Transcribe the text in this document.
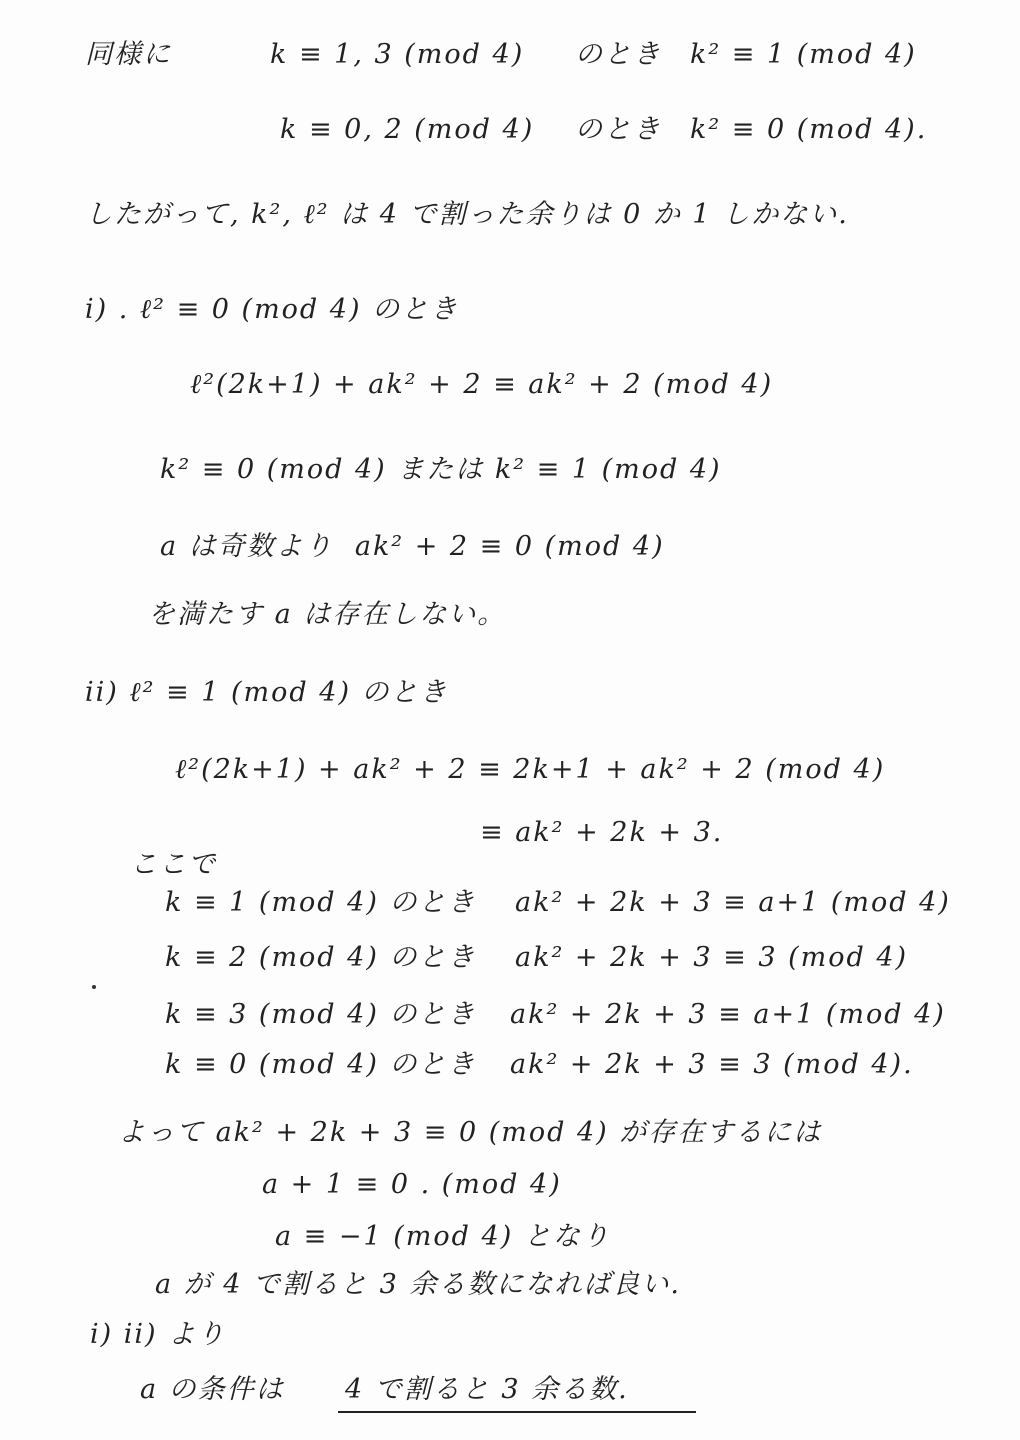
同様に	k ≡ 1, 3 (mod 4) のとき k² ≡ 1 (mod 4)
k ≡ 0, 2 (mod 4) のとき k² ≡ 0 (mod 4).
したがって, k², ℓ² は 4 で割った余りは 0 か 1 しかない.
i) . ℓ² ≡ 0 (mod 4) のとき
ℓ²(2k+1) + ak² + 2 ≡ ak² + 2 (mod 4)
k² ≡ 0 (mod 4) または k² ≡ 1 (mod 4)
a は奇数より  ak² + 2 ≡ 0 (mod 4)
を満たす a は存在しない。
ii) ℓ² ≡ 1 (mod 4) のとき
ℓ²(2k+1) + ak² + 2 ≡ 2k+1 + ak² + 2 (mod 4)
≡ ak² + 2k + 3.
ここで
k ≡ 1 (mod 4) のとき ak² + 2k + 3 ≡ a+1 (mod 4)
k ≡ 2 (mod 4) のとき ak² + 2k + 3 ≡ 3 (mod 4)
k ≡ 3 (mod 4) のとき ak² + 2k + 3 ≡ a+1 (mod 4)
k ≡ 0 (mod 4) のとき ak² + 2k + 3 ≡ 3 (mod 4).
よって ak² + 2k + 3 ≡ 0 (mod 4) が存在するには
a + 1 ≡ 0 . (mod 4)
a ≡ −1 (mod 4) となり
a が 4 で割ると 3 余る数になれば良い.
i) ii) より
a の条件は 4 で割ると 3 余る数.
